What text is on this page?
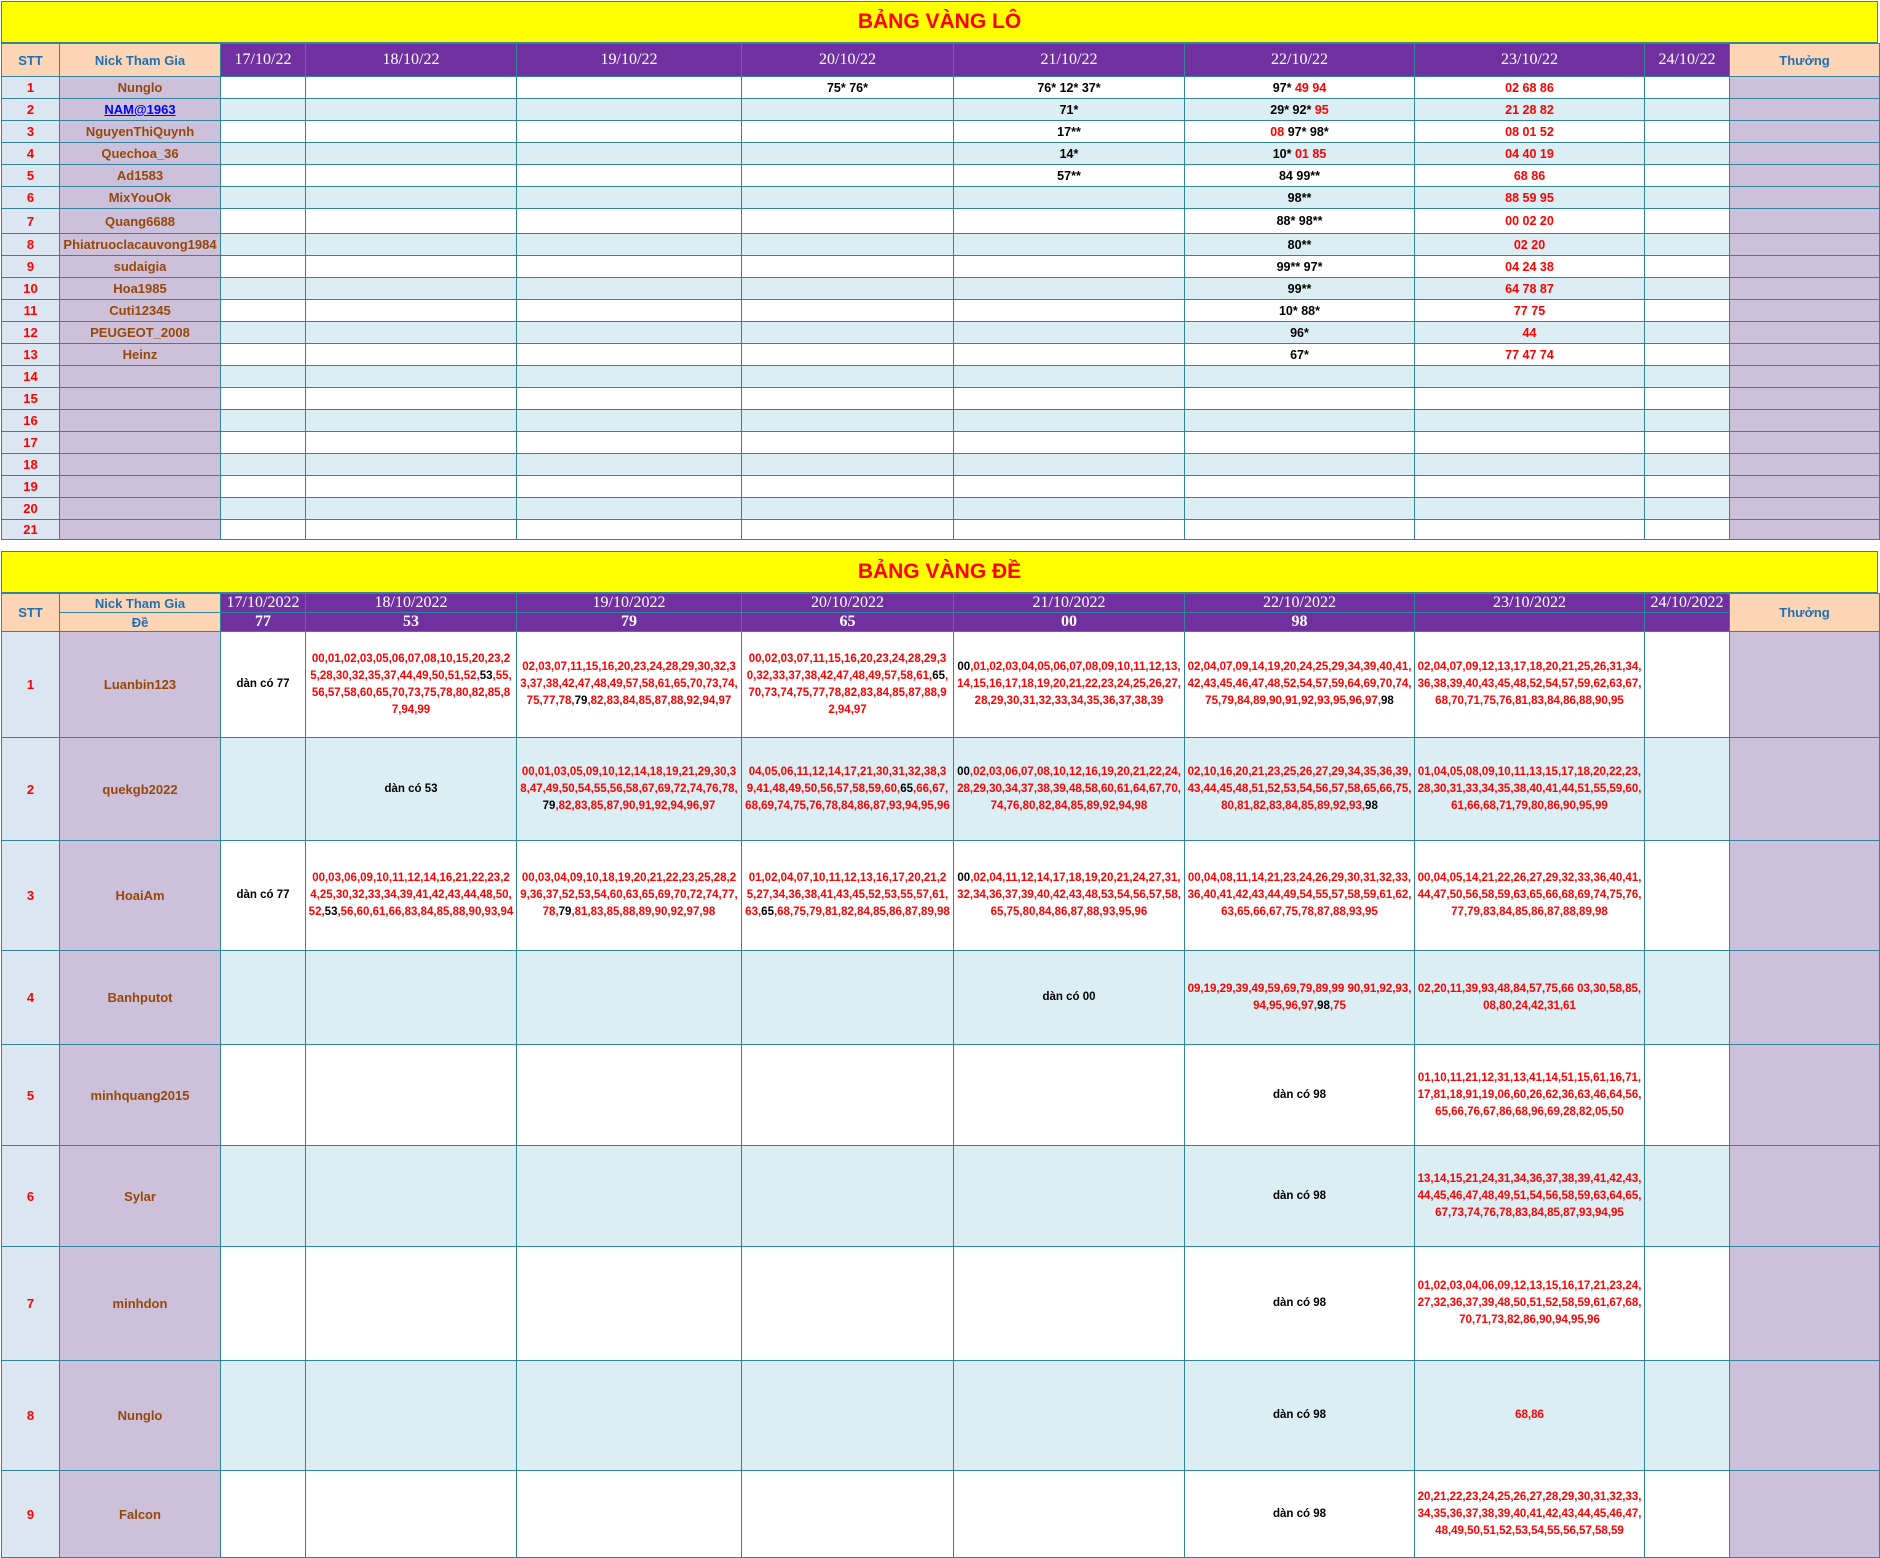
BẢNG VÀNG LÔ
STT	Nick Tham Gia	17/10/22	18/10/22	19/10/22	20/10/22	21/10/22	22/10/22	23/10/22	24/10/22	Thưởng
1	Nunglo				75* 76*	76* 12* 37*	97* 49 94	02 68 86		
2	NAM@1963					71*	29* 92* 95	21 28 82		
3	NguyenThiQuynh					17**	08 97* 98*	08 01 52		
4	Quechoa_36					14*	10* 01 85	04 40 19		
5	Ad1583					57**	84 99**	68 86		
6	MixYouOk						98**	88 59 95		
7	Quang6688						88* 98**	00 02 20		
8	Phiatruoclacauvong1984						80**	02 20		
9	sudaigia						99** 97*	04 24 38		
10	Hoa1985						99**	64 78 87		
11	Cuti12345						10* 88*	77 75		
12	PEUGEOT_2008						96*	44		
13	Heinz						67*	77 47 74		
14										
15										
16										
17										
18										
19										
20										
21										
BẢNG VÀNG ĐỀ
STT	Nick Tham Gia	17/10/2022	18/10/2022	19/10/2022	20/10/2022	21/10/2022	22/10/2022	23/10/2022	24/10/2022	Thưởng
	Đề	77	53	79	65	00	98			
1	Luanbin123	dàn có 77	00,01,02,03,05,06,07,08,10,15,20,23,25,28,30,32,35,37,44,49,50,51,52,53,55,56,57,58,60,65,70,73,75,78,80,82,85,87,94,99	02,03,07,11,15,16,20,23,24,28,29,30,32,33,37,38,42,47,48,49,57,58,61,65,70,73,74,75,77,78,79,82,83,84,85,87,88,92,94,97	00,02,03,07,11,15,16,20,23,24,28,29,30,32,33,37,38,42,47,48,49,57,58,61,65,70,73,74,75,77,78,82,83,84,85,87,88,92,94,97	00,01,02,03,04,05,06,07,08,09,10,11,12,13,14,15,16,17,18,19,20,21,22,23,24,25,26,27,28,29,30,31,32,33,34,35,36,37,38,39	02,04,07,09,14,19,20,24,25,29,34,39,40,41,42,43,45,46,47,48,52,54,57,59,64,69,70,74,75,79,84,89,90,91,92,93,95,96,97,98	02,04,07,09,12,13,17,18,20,21,25,26,31,34,36,38,39,40,43,45,48,52,54,57,59,62,63,67,68,70,71,75,76,81,83,84,86,88,90,95		
2	quekgb2022		dàn có 53	00,01,03,05,09,10,12,14,18,19,21,29,30,38,47,49,50,54,55,56,58,67,69,72,74,76,78,79,82,83,85,87,90,91,92,94,96,97	04,05,06,11,12,14,17,21,30,31,32,38,39,41,48,49,50,56,57,58,59,60,65,66,67,68,69,74,75,76,78,84,86,87,93,94,95,96	00,02,03,06,07,08,10,12,16,19,20,21,22,24,28,29,30,34,37,38,39,48,58,60,61,64,67,70,74,76,80,82,84,85,89,92,94,98	02,10,16,20,21,23,25,26,27,29,34,35,36,39,43,44,45,48,51,52,53,54,56,57,58,65,66,75,80,81,82,83,84,85,89,92,93,98	01,04,05,08,09,10,11,13,15,17,18,20,22,23,28,30,31,33,34,35,38,40,41,44,51,55,59,60,61,66,68,71,79,80,86,90,95,99		
3	HoaiAm	dàn có 77	00,03,06,09,10,11,12,14,16,21,22,23,24,25,30,32,33,34,39,41,42,43,44,48,50,52,53,56,60,61,66,83,84,85,88,90,93,94	00,03,04,09,10,18,19,20,21,22,23,25,28,29,36,37,52,53,54,60,63,65,69,70,72,74,77,78,79,81,83,85,88,89,90,92,97,98	01,02,04,07,10,11,12,13,16,17,20,21,25,27,34,36,38,41,43,45,52,53,55,57,61,63,65,68,75,79,81,82,84,85,86,87,89,98	00,02,04,11,12,14,17,18,19,20,21,24,27,31,32,34,36,37,39,40,42,43,48,53,54,56,57,58,65,75,80,84,86,87,88,93,95,96	00,04,08,11,14,21,23,24,26,29,30,31,32,33,36,40,41,42,43,44,49,54,55,57,58,59,61,62,63,65,66,67,75,78,87,88,93,95	00,04,05,14,21,22,26,27,29,32,33,36,40,41,44,47,50,56,58,59,63,65,66,68,69,74,75,76,77,79,83,84,85,86,87,88,89,98		
4	Banhputot					dàn có 00	09,19,29,39,49,59,69,79,89,99 90,91,92,93,94,95,96,97,98,75	02,20,11,39,93,48,84,57,75,66 03,30,58,85,08,80,24,42,31,61		
5	minhquang2015						dàn có 98	01,10,11,21,12,31,13,41,14,51,15,61,16,71,17,81,18,91,19,06,60,26,62,36,63,46,64,56,65,66,76,67,86,68,96,69,28,82,05,50		
6	Sylar						dàn có 98	13,14,15,21,24,31,34,36,37,38,39,41,42,43,44,45,46,47,48,49,51,54,56,58,59,63,64,65,67,73,74,76,78,83,84,85,87,93,94,95		
7	minhdon						dàn có 98	01,02,03,04,06,09,12,13,15,16,17,21,23,24,27,32,36,37,39,48,50,51,52,58,59,61,67,68,70,71,73,82,86,90,94,95,96		
8	Nunglo						dàn có 98	68,86		
9	Falcon						dàn có 98	20,21,22,23,24,25,26,27,28,29,30,31,32,33,34,35,36,37,38,39,40,41,42,43,44,45,46,47,48,49,50,51,52,53,54,55,56,57,58,59		
